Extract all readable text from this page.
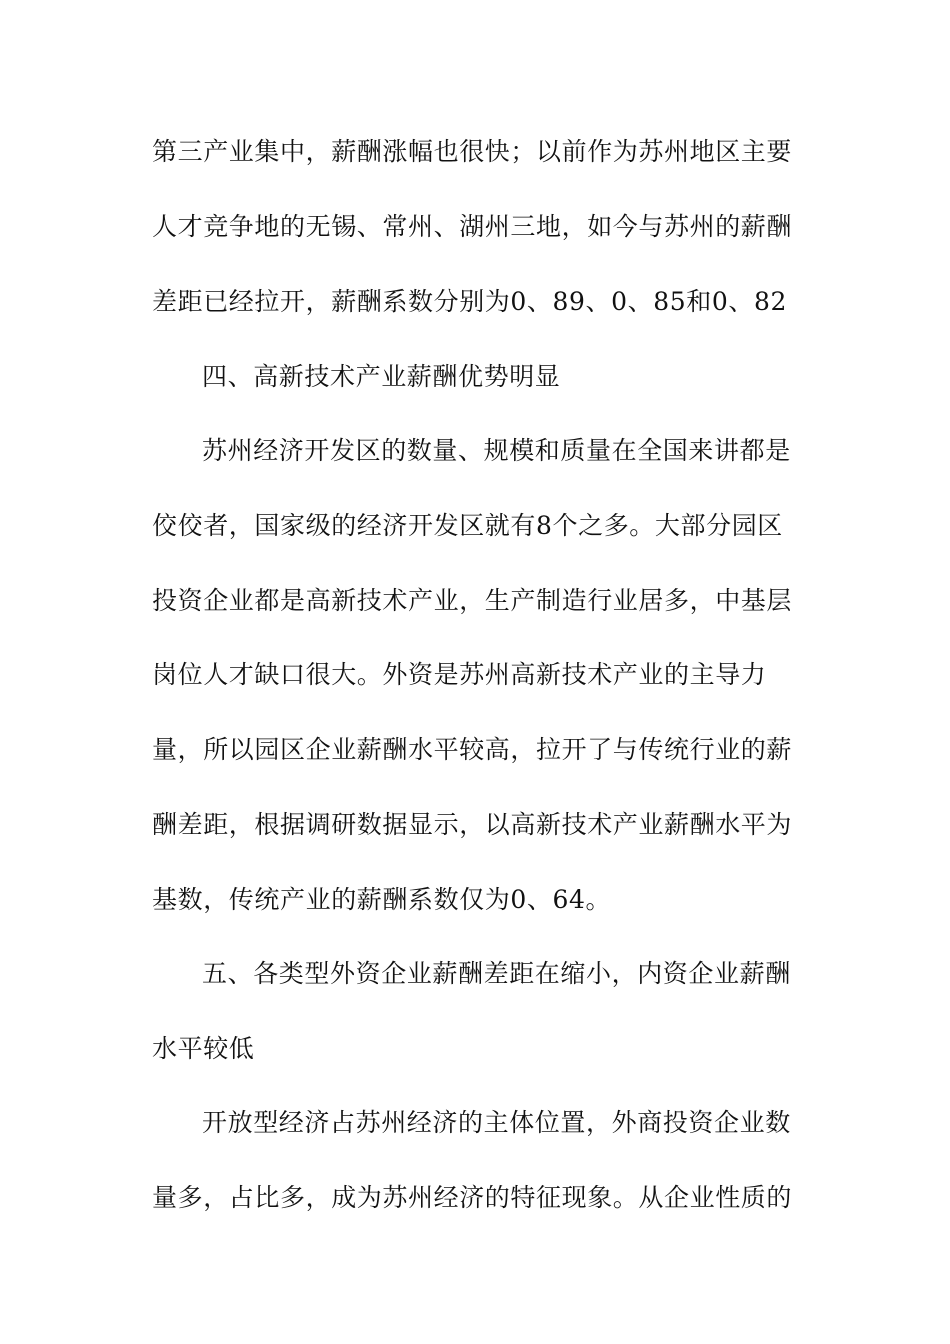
第三产业集中，薪酬涨幅也很快；以前作为苏州地区主要
人才竞争地的无锡、常州、湖州三地，如今与苏州的薪酬
差距已经拉开，薪酬系数分别为0、89、0、85和0、82
四、高新技术产业薪酬优势明显
苏州经济开发区的数量、规模和质量在全国来讲都是
佼佼者，国家级的经济开发区就有8个之多。大部分园区
投资企业都是高新技术产业，生产制造行业居多，中基层
岗位人才缺口很大。外资是苏州高新技术产业的主导力
量，所以园区企业薪酬水平较高，拉开了与传统行业的薪
酬差距，根据调研数据显示，以高新技术产业薪酬水平为
基数，传统产业的薪酬系数仅为0、64。
五、各类型外资企业薪酬差距在缩小，内资企业薪酬
水平较低
开放型经济占苏州经济的主体位置，外商投资企业数
量多，占比多，成为苏州经济的特征现象。从企业性质的
